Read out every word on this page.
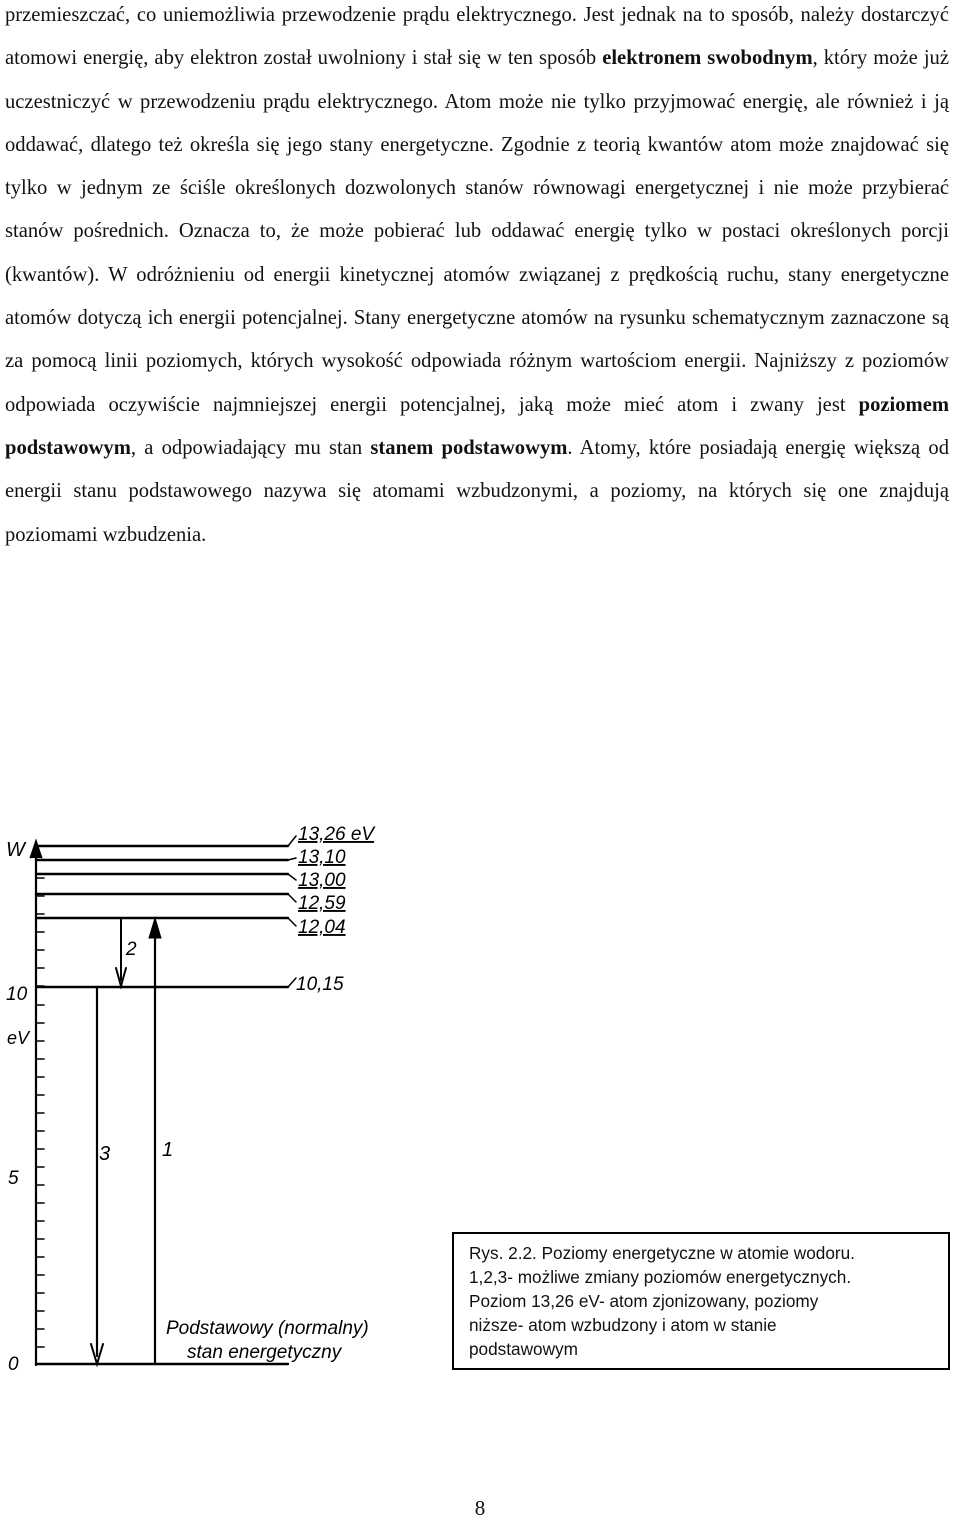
przemieszczać, co uniemożliwia przewodzenie prądu elektrycznego. Jest jednak na to sposób, należy dostarczyć atomowi energię, aby elektron został uwolniony i stał się w ten sposób elektronem swobodnym, który może już uczestniczyć w przewodzeniu prądu elektrycznego. Atom może nie tylko przyjmować energię, ale również i ją oddawać, dlatego też określa się jego stany energetyczne. Zgodnie z teorią kwantów atom może znajdować się tylko w jednym ze ściśle określonych dozwolonych stanów równowagi energetycznej i nie może przybierać stanów pośrednich. Oznacza to, że może pobierać lub oddawać energię tylko w postaci określonych porcji (kwantów). W odróżnieniu od energii kinetycznej atomów związanej z prędkością ruchu, stany energetyczne atomów dotyczą ich energii potencjalnej. Stany energetyczne atomów na rysunku schematycznym zaznaczone są za pomocą linii poziomych, których wysokość odpowiada różnym wartościom energii. Najniższy z poziomów odpowiada oczywiście najmniejszej energii potencjalnej, jaką może mieć atom i zwany jest poziomem podstawowym, a odpowiadający mu stan stanem podstawowym. Atomy, które posiadają energię większą od energii stanu podstawowego nazywa się atomami wzbudzonymi, a poziomy, na których się one znajdują poziomami wzbudzenia.

W
10
eV
5
0
13,26 eV
13,10
13,00
12,59
12,04
10,15
2
3	1
Podstawowy (normalny)
stan energetyczny
Rys. 2.2. Poziomy energetyczne w atomie wodoru.
1,2,3- możliwe zmiany poziomów energetycznych.
Poziom 13,26 eV- atom zjonizowany, poziomy
niższe- atom wzbudzony i atom w stanie
podstawowym
8
